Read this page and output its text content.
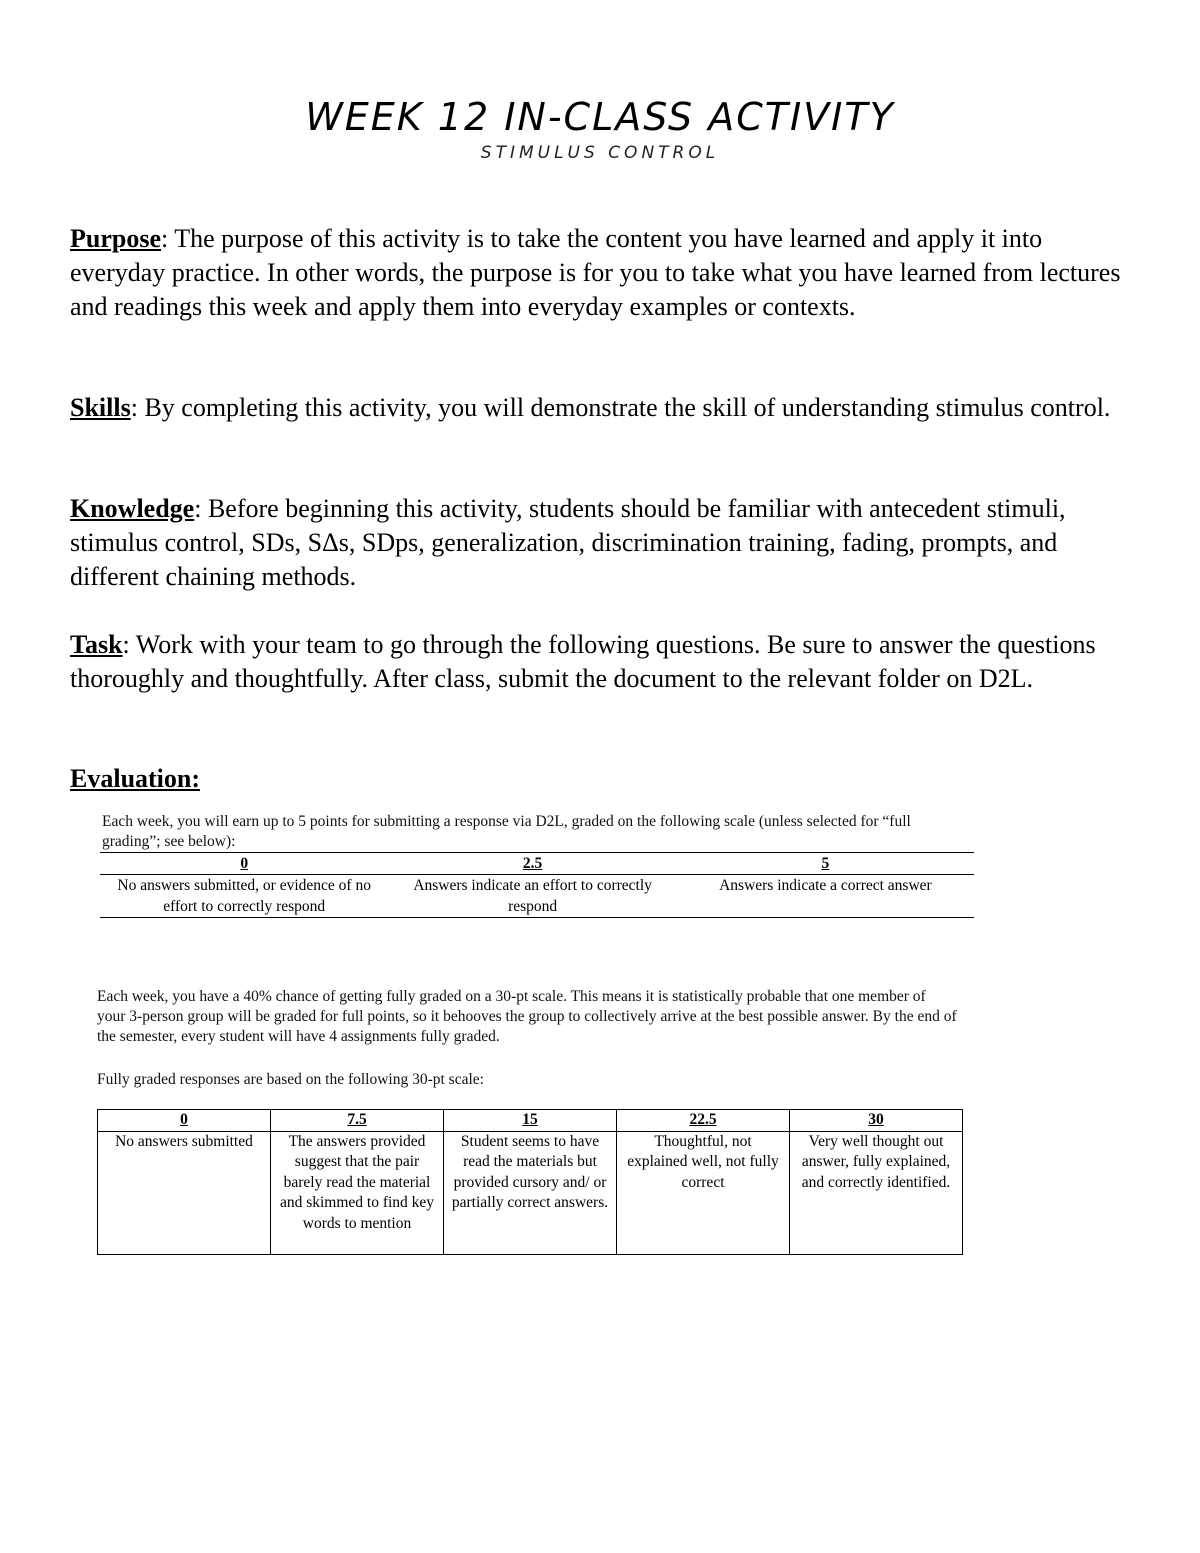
WEEK 12 IN-CLASS ACTIVITY
STIMULUS CONTROL

Purpose: The purpose of this activity is to take the content you have learned and apply it into everyday practice. In other words, the purpose is for you to take what you have learned from lectures and readings this week and apply them into everyday examples or contexts.

Skills: By completing this activity, you will demonstrate the skill of understanding stimulus control.

Knowledge: Before beginning this activity, students should be familiar with antecedent stimuli, stimulus control, SDs, SΔs, SDps, generalization, discrimination training, fading, prompts, and different chaining methods.

Task: Work with your team to go through the following questions. Be sure to answer the questions thoroughly and thoughtfully. After class, submit the document to the relevant folder on D2L.

Evaluation:
Each week, you will earn up to 5 points for submitting a response via D2L, graded on the following scale (unless selected for “full grading”; see below):
0	2.5	5
No answers submitted, or evidence of no effort to correctly respond	Answers indicate an effort to correctly respond	Answers indicate a correct answer
Each week, you have a 40% chance of getting fully graded on a 30-pt scale. This means it is statistically probable that one member of your 3-person group will be graded for full points, so it behooves the group to collectively arrive at the best possible answer. By the end of the semester, every student will have 4 assignments fully graded.
Fully graded responses are based on the following 30-pt scale:
0	7.5	15	22.5	30
No answers submitted	The answers provided suggest that the pair barely read the material and skimmed to find key words to mention	Student seems to have read the materials but provided cursory and/ or partially correct answers.	Thoughtful, not explained well, not fully correct	Very well thought out answer, fully explained, and correctly identified.
